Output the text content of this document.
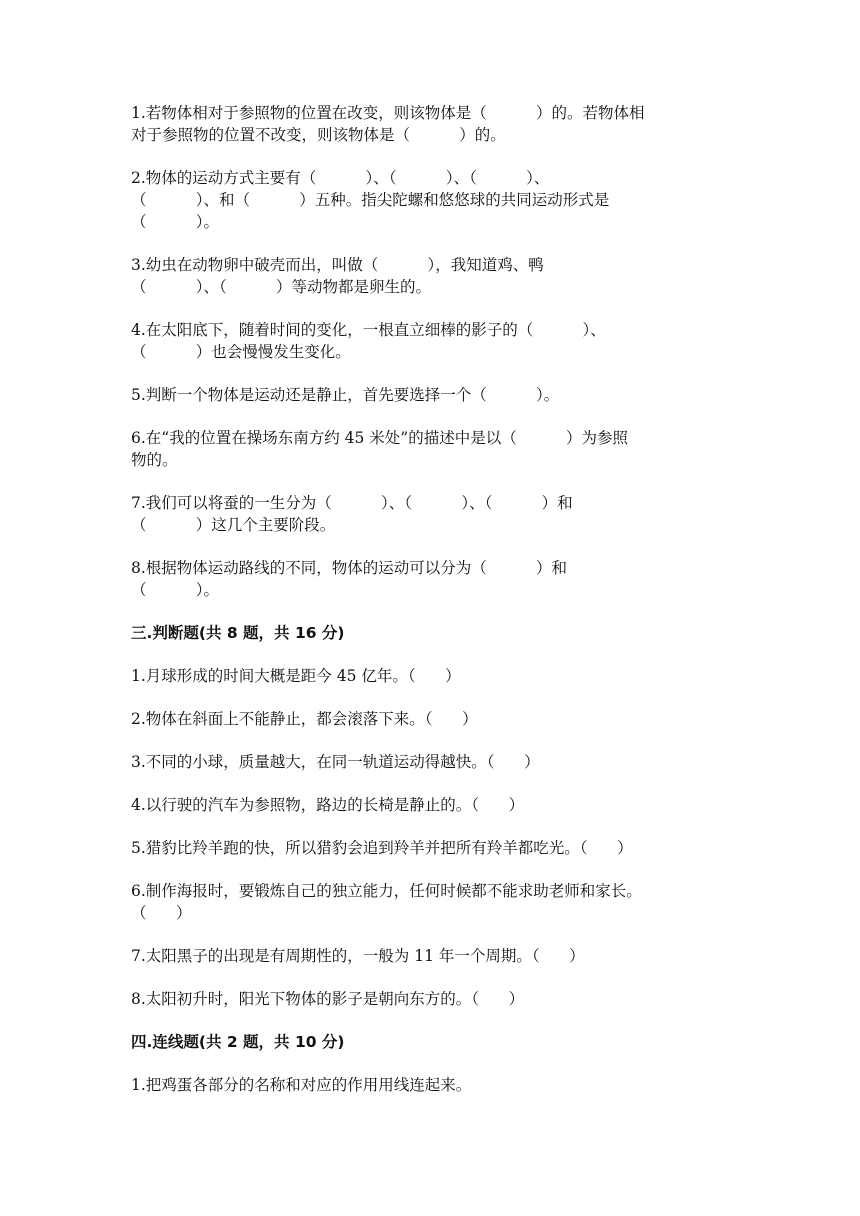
1.若物体相对于参照物的位置在改变，则该物体是（          ）的。若物体相
对于参照物的位置不改变，则该物体是（          ）的。
2.物体的运动方式主要有（          ）、（          ）、（          ）、
（          ）、和（          ）五种。指尖陀螺和悠悠球的共同运动形式是
（          ）。
3.幼虫在动物卵中破壳而出，叫做（          ），我知道鸡、鸭
（          ）、（          ）等动物都是卵生的。
4.在太阳底下，随着时间的变化，一根直立细棒的影子的（          ）、
（          ）也会慢慢发生变化。
5.判断一个物体是运动还是静止，首先要选择一个（          ）。
6.在“我的位置在操场东南方约 45 米处”的描述中是以（          ）为参照
物的。
7.我们可以将蚕的一生分为（          ）、（          ）、（          ）和
（          ）这几个主要阶段。
8.根据物体运动路线的不同，物体的运动可以分为（          ）和
（          ）。
三.判断题(共 8 题，共 16 分)
1.月球形成的时间大概是距今 45 亿年。（      ）
2.物体在斜面上不能静止，都会滚落下来。（      ）
3.不同的小球，质量越大，在同一轨道运动得越快。（      ）
4.以行驶的汽车为参照物，路边的长椅是静止的。（      ）
5.猎豹比羚羊跑的快，所以猎豹会追到羚羊并把所有羚羊都吃光。（      ）
6.制作海报时，要锻炼自己的独立能力，任何时候都不能求助老师和家长。
（      ）
7.太阳黑子的出现是有周期性的，一般为 11 年一个周期。（      ）
8.太阳初升时，阳光下物体的影子是朝向东方的。（      ）
四.连线题(共 2 题，共 10 分)
1.把鸡蛋各部分的名称和对应的作用用线连起来。
